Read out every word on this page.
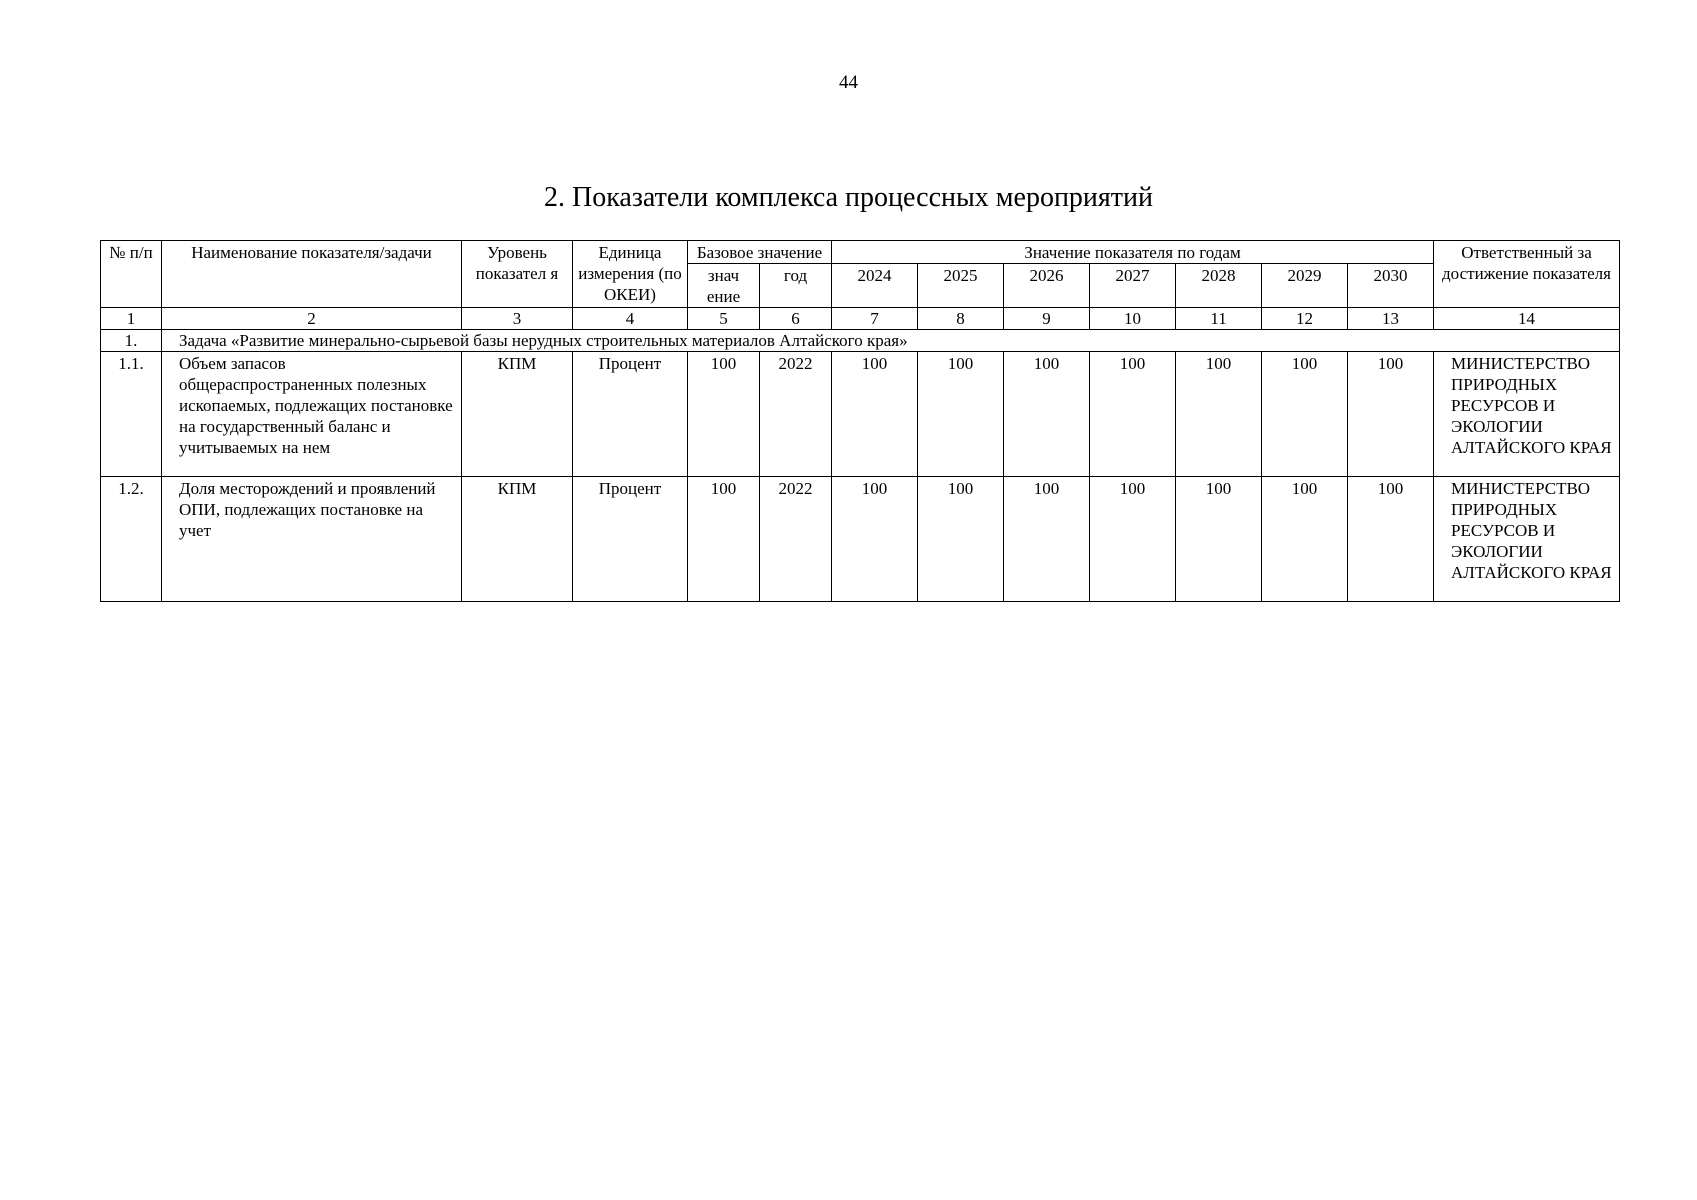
44
2. Показатели комплекса процессных мероприятий
№ п/п	Наименование показателя/задачи	Уровень показател я	Единица измерения (по ОКЕИ)	Базовое значение		Значение показателя по годам							Ответственный за достижение показателя
				знач ение	год	2024	2025	2026	2027	2028	2029	2030	
1	2	3	4	5	6	7	8	9	10	11	12	13	14
1.	Задача «Развитие минерально-сырьевой базы нерудных строительных материалов Алтайского края»												
1.1.	Объем запасов общераспространенных полезных ископаемых, подлежащих постановке на государственный баланс и учитываемых на нем	КПМ	Процент	100	2022	100	100	100	100	100	100	100	МИНИСТЕРСТВО ПРИРОДНЫХ РЕСУРСОВ И ЭКОЛОГИИ АЛТАЙСКОГО КРАЯ
1.2.	Доля месторождений и проявлений ОПИ, подлежащих постановке на учет	КПМ	Процент	100	2022	100	100	100	100	100	100	100	МИНИСТЕРСТВО ПРИРОДНЫХ РЕСУРСОВ И ЭКОЛОГИИ АЛТАЙСКОГО КРАЯ
